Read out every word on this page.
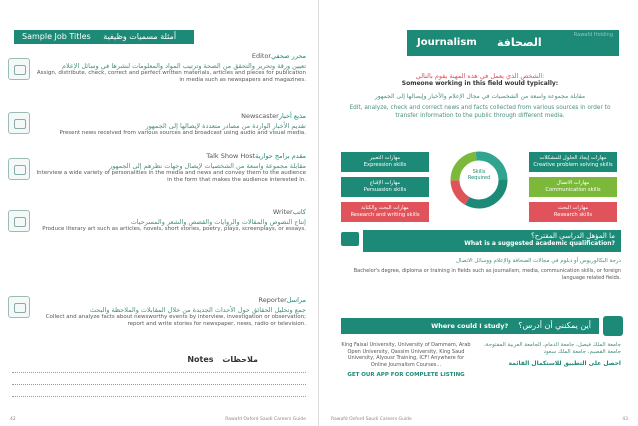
Sample Job Titles أمثلة مسميات وظيفية
Editorمحرر صحفي
تعيين ورقة وتحرير والتحقق من الصحة وترتيب المواد والمعلومات لنشرها في وسائل الإعلام
Assign, distribute, check, correct and perfect written materials, articles and pieces for publication in media such as newspapers and magazines.
Newscasterمذيع أخبار
تقديم الأخبار الواردة من مصادر متعددة لإيصالها إلى الجمهور
Present news received from various sources and broadcast using audio and visual media.
Talk Show Hostمقدم برامج حوارية
مقابلة مجموعة واسعة من الشخصيات لإيصال وجهات نظرهم إلى الجمهور
Interview a wide variety of personalities in the media and news and convey them to the audience in the form that makes the audience interested in.
Writerكاتب
إنتاج النصوص والمقالات والروايات والقصص والشعر والمسرحيات
Produce literary art such as articles, novels, short stories, poetry, plays, screenplays, or essays.
Reporterمراسل
جمع وتحليل الحقائق حول الأحداث الجديدة من خلال المقابلات والملاحظة والبحث
Collect and analyze facts about newsworthy events by interview, investigation or observation; report and write stories for newspaper, news, radio or television.
Notes ملاحظات
42	Rawafd Oxford Saudi Careers Guide
Rawafd Holding
Journalism الصحافة
الشخص الذي يعمل في هذه المهنة يقوم بالتالي:
Someone working in this field would typically:
مقابلة مجموعة واسعة من الشخصيات في مجال الإعلام والأخبار وإيصالها إلى الجمهور
Edit, analyze, check and correct news and facts collected from various sources in order to transfer information to the public through different media.
Skills Required
مهارات التعبير
Expression skills
مهارات الإقناع
Persuasion skills
مهارات البحث والكتابة
Research and writing skills
مهارات إيجاد الحلول للمشكلات
Creative problem solving skills
مهارات الاتصال
Communication skills
مهارات البحث
Research skills
ما المؤهل الدراسي المقترح؟
What is a suggested academic qualification?
درجة البكالوريوس أو دبلوم في مجالات الصحافة والإعلام ووسائل الاتصال
Bachelor's degree, diploma or training in fields such as journalism, media, communication skills, or foreign language related fields.
Where could I study? أين يمكنني أن أدرس؟
King Faisal University, University of Dammam, Arab Open University, Qassim University, King Saud University, Alyousr Training, ICF! Anywhere for Online Journalism Courses...
GET OUR APP FOR COMPLETE LISTING
جامعة الملك فيصل، جامعة الدمام، الجامعة العربية المفتوحة، جامعة القصيم، جامعة الملك سعود
احصل على التطبيق للاستكمال القائمة
Rawafd Oxford Saudi Careers Guide	43
